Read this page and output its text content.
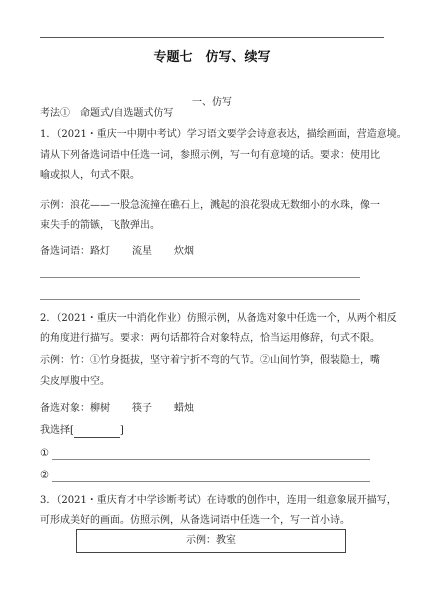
专题七　仿写、续写
一、仿写
考法①　命题式/自选题式仿写
1．（2021・重庆一中期中考试）学习语文要学会诗意表达，描绘画面，营造意境。
请从下列备选词语中任选一词，参照示例，写一句有意境的话。要求：使用比
喻或拟人，句式不限。
示例：浪花——一股急流撞在礁石上，溅起的浪花裂成无数细小的水珠，像一
束失手的箭镞，飞散弹出。
备选词语：路灯 流星 炊烟
2．（2021・重庆一中消化作业）仿照示例，从备选对象中任选一个，从两个相反
的角度进行描写。要求：两句话都符合对象特点，恰当运用修辞，句式不限。
示例：竹：①竹身挺拔，坚守着宁折不弯的气节。②山间竹笋，假装隐士，嘴
尖皮厚腹中空。
备选对象：柳树 筷子 蜡烛
我选择[	]
①
②
3．（2021・重庆育才中学诊断考试）在诗歌的创作中，连用一组意象展开描写，
可形成美好的画面。仿照示例，从备选词语中任选一个，写一首小诗。
示例：教室
